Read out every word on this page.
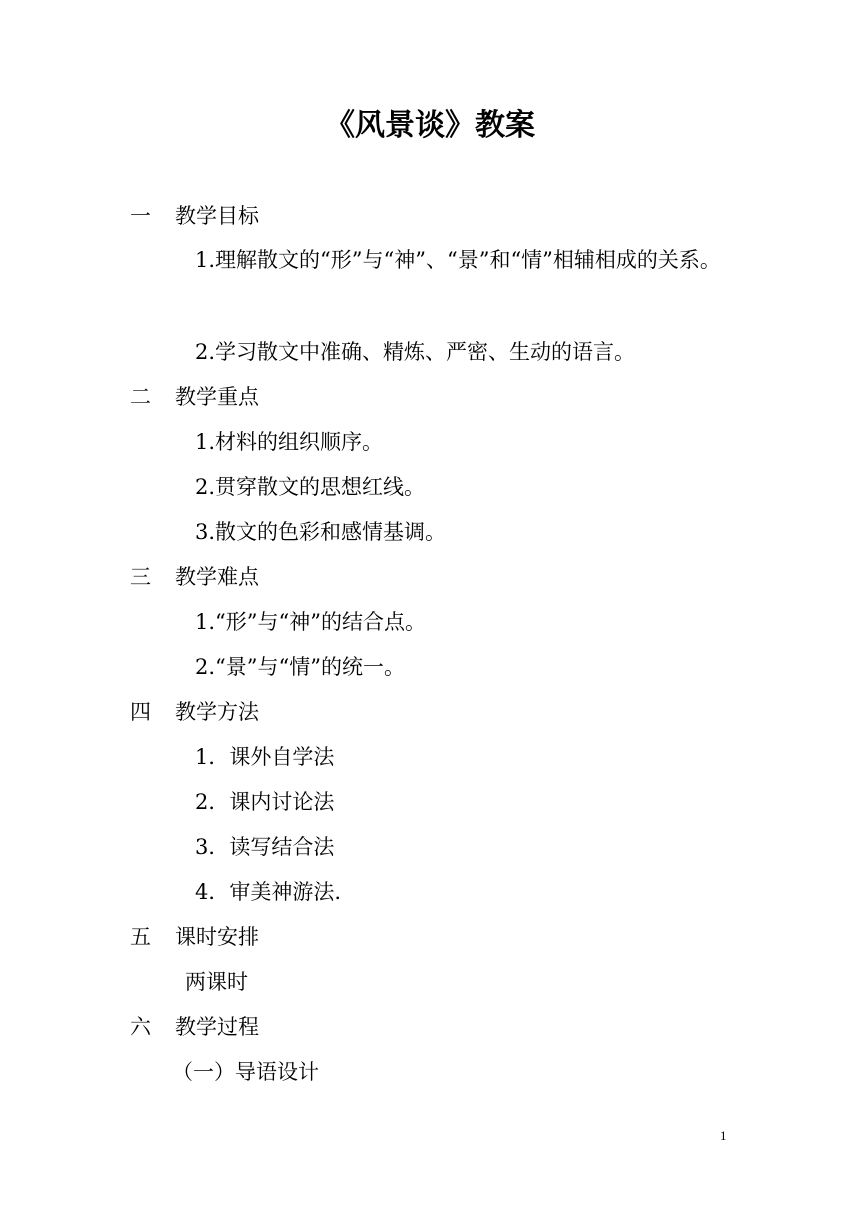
《风景谈》教案
一 教学目标
1.理解散文的“形”与“神”、“景”和“情”相辅相成的关系。
2.学习散文中准确、精炼、严密、生动的语言。
二 教学重点
1.材料的组织顺序。
2.贯穿散文的思想红线。
3.散文的色彩和感情基调。
三 教学难点
1.“形”与“神”的结合点。
2.“景”与“情”的统一。
四 教学方法
1．课外自学法
2．课内讨论法
3．读写结合法
4．审美神游法.
五 课时安排
两课时
六 教学过程
（一）导语设计
1
